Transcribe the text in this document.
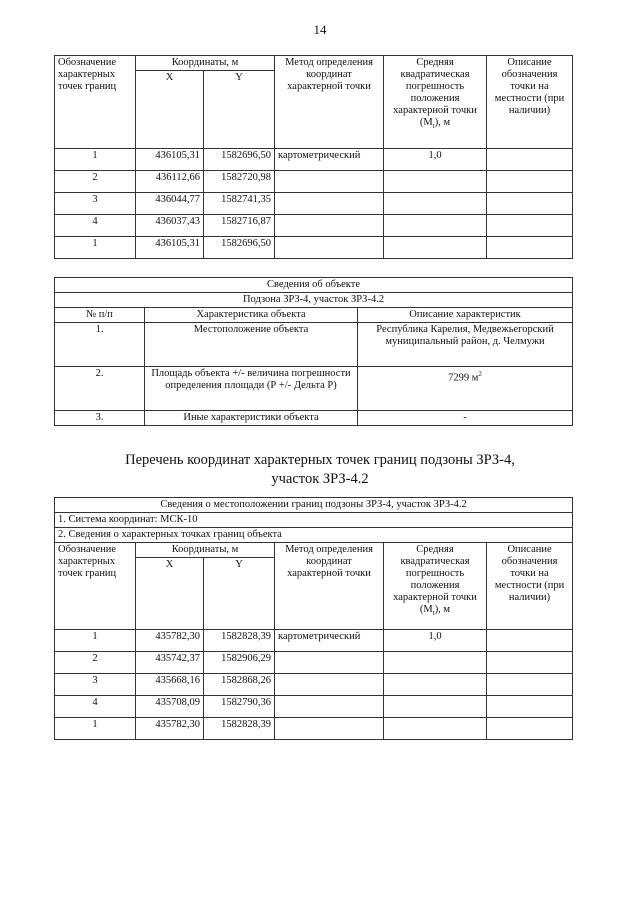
14
Обозначение характерных точек границ	Координаты, м		Метод определения координат характерной точки	Средняя квадратическая погрешность положения характерной точки $(M_t)$, м	Описание обозначения точки на местности (при наличии)
	X	Y			
1	436105,31	1582696,50	картометрический	1,0	
2	436112,66	1582720,98			
3	436044,77	1582741,35			
4	436037,43	1582716,87			
1	436105,31	1582696,50			
Сведения об объекте		
Подзона ЗРЗ-4, участок ЗРЗ-4.2		
№ п/п	Характеристика объекта	Описание характеристик
1.	Местоположение объекта	Республика Карелия, Медвежьегорский муниципальный район, д. Челмужи
2.	Площадь объекта +/- величина погрешности определения площади (Р +/- Дельта Р)	7299 $м^2$
3.	Иные характеристики объекта	-
Перечень координат характерных точек границ подзоны ЗРЗ-4,
участок ЗРЗ-4.2
Сведения о местоположении границ подзоны ЗРЗ-4, участок ЗРЗ-4.2					
1. Система координат: МСК-10					
2. Сведения о характерных точках границ объекта					
Обозначение характерных точек границ	Координаты, м		Метод определения координат характерной точки	Средняя квадратическая погрешность положения характерной точки $(M_t)$, м	Описание обозначения точки на местности (при наличии)
	X	Y			
1	435782,30	1582828,39	картометрический	1,0	
2	435742,37	1582906,29			
3	435668,16	1582868,26			
4	435708,09	1582790,36			
1	435782,30	1582828,39			
